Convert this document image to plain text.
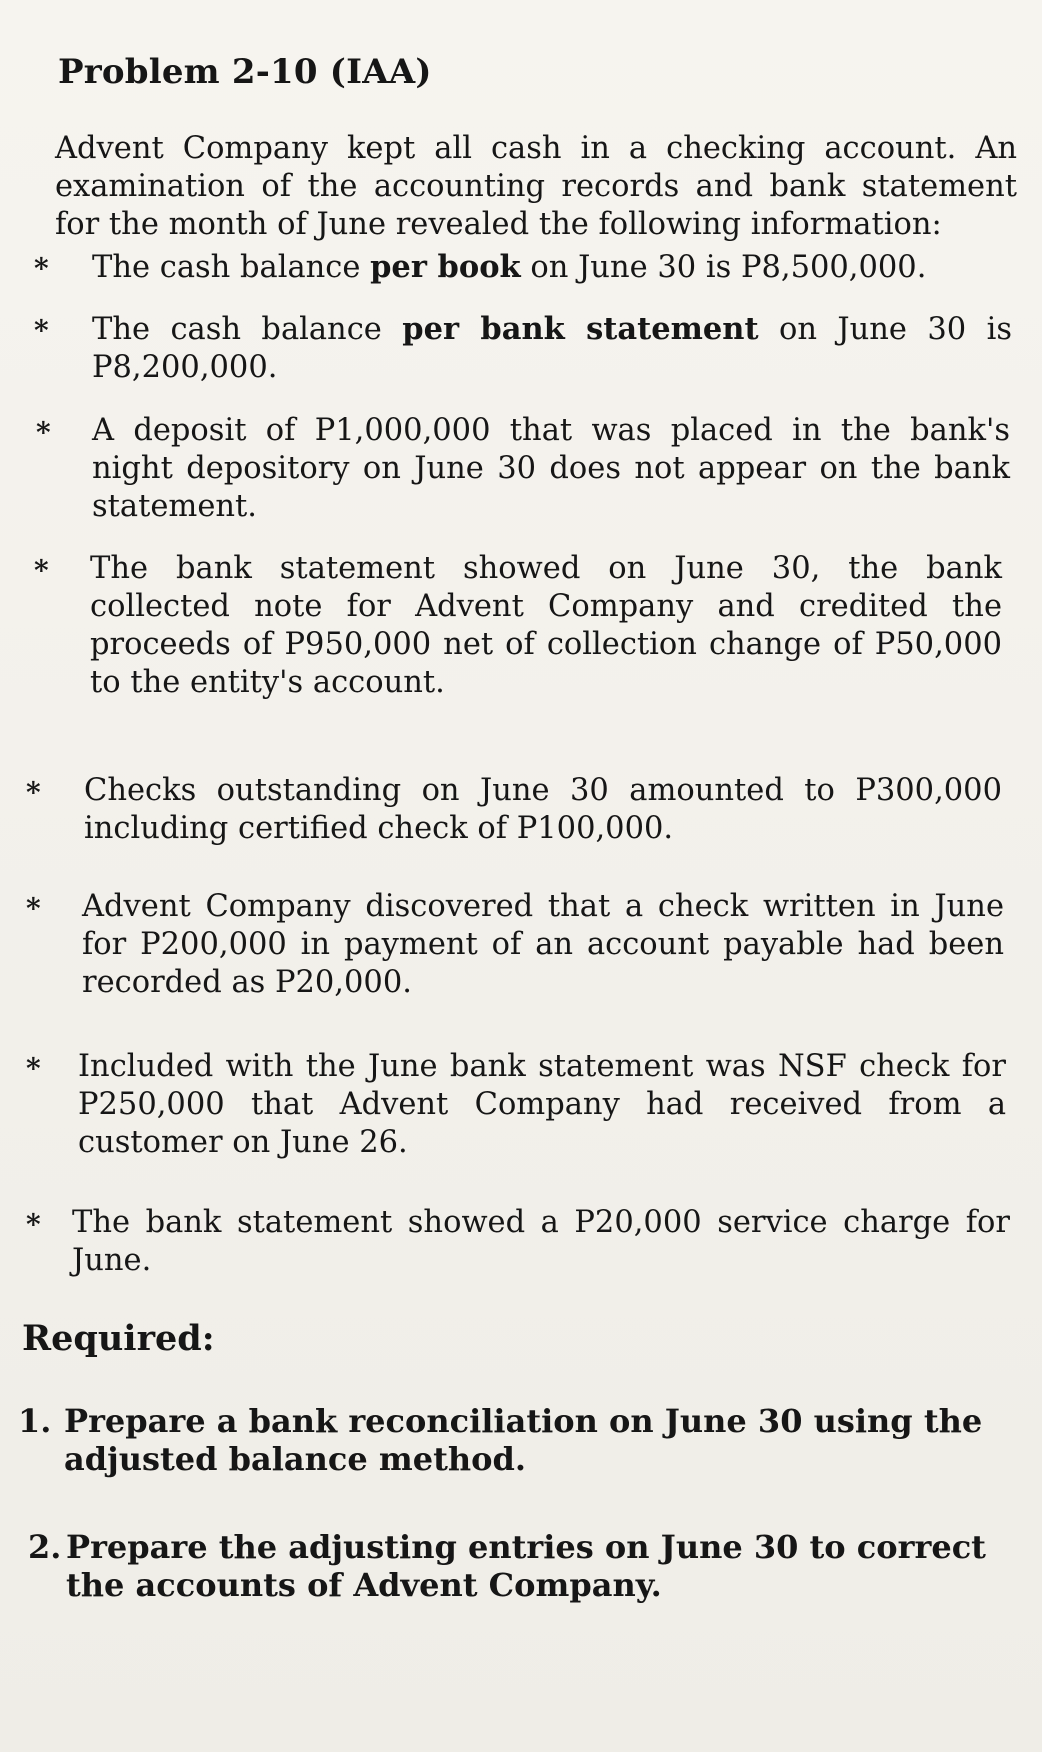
Problem 2-10 (IAA)
Advent Company kept all cash in a checking account. An examination of the accounting records and bank statement for the month of June revealed the following information:
* The cash balance per book on June 30 is P8,500,000.
* The cash balance per bank statement on June 30 is P8,200,000.
* A deposit of P1,000,000 that was placed in the bank's night depository on June 30 does not appear on the bank statement.
* The bank statement showed on June 30, the bank collected note for Advent Company and credited the proceeds of P950,000 net of collection change of P50,000 to the entity's account.
* Checks outstanding on June 30 amounted to P300,000 including certified check of P100,000.
* Advent Company discovered that a check written in June for P200,000 in payment of an account payable had been recorded as P20,000.
* Included with the June bank statement was NSF check for P250,000 that Advent Company had received from a customer on June 26.
* The bank statement showed a P20,000 service charge for June.
Required:
1. Prepare a bank reconciliation on June 30 using the adjusted balance method.
2. Prepare the adjusting entries on June 30 to correct the accounts of Advent Company.
